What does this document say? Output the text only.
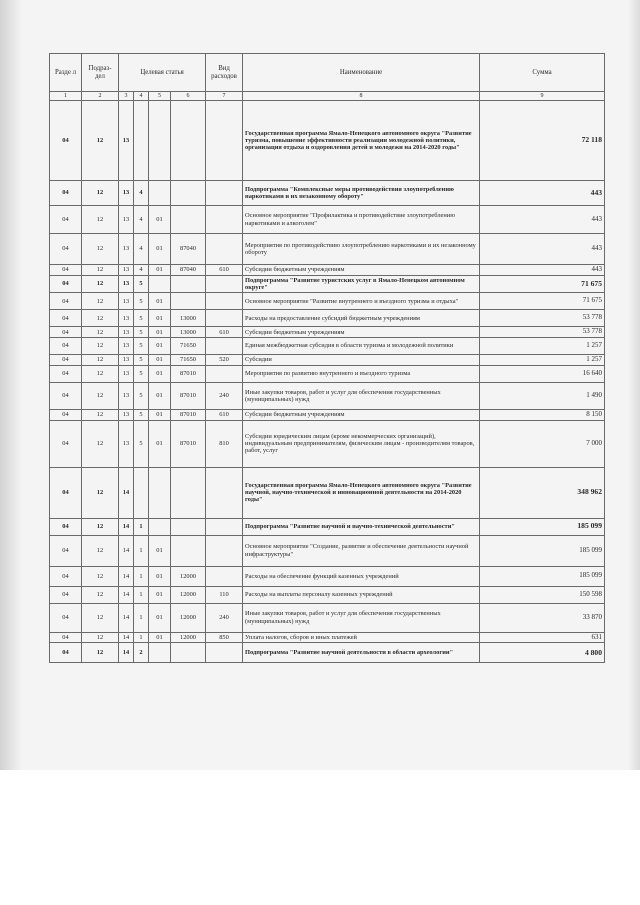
Разде л	Подраз- дел	Целевая статья				Вид расходов	Наименование	Сумма
1	2	3	4	5	6	7	8	9
04	12	13					Государственная программа Ямало-Ненецкого автономного округа "Развитие туризма, повышение эффективности реализации молодежной политики, организация отдыха и оздоровления детей и молодежи на 2014-2020 годы"	72 118
04	12	13	4				Подпрограмма "Комплексные меры противодействия злоупотреблению наркотиками и их незаконному обороту"	443
04	12	13	4	01			Основное мероприятие "Профилактика и противодействие злоупотреблению наркотиками и алкоголем"	443
04	12	13	4	01	87040		Мероприятия по противодействию злоупотреблению наркотиками и их незаконному обороту	443
04	12	13	4	01	87040	610	Субсидии бюджетным учреждениям	443
04	12	13	5				Подпрограмма "Развитие туристских услуг в Ямало-Ненецком автономном округе"	71 675
04	12	13	5	01			Основное мероприятие "Развитие внутреннего и въездного туризма и отдыха"	71 675
04	12	13	5	01	13000		Расходы на предоставление субсидий бюджетным учреждениям	53 778
04	12	13	5	01	13000	610	Субсидии бюджетным учреждениям	53 778
04	12	13	5	01	71650		Единая межбюджетная субсидия в области туризма и молодежной политики	1 257
04	12	13	5	01	71650	520	Субсидии	1 257
04	12	13	5	01	87010		Мероприятия по развитию внутреннего и въездного туризма	16 640
04	12	13	5	01	87010	240	Иные закупки товаров, работ и услуг для обеспечения государственных (муниципальных) нужд	1 490
04	12	13	5	01	87010	610	Субсидии бюджетным учреждениям	8 150
04	12	13	5	01	87010	810	Субсидии юридическим лицам (кроме некоммерческих организаций), индивидуальным предпринимателям, физическим лицам - производителям товаров, работ, услуг	7 000
04	12	14					Государственная программа Ямало-Ненецкого автономного округа "Развитие научной, научно-технической и инновационной деятельности на 2014-2020 годы"	348 962
04	12	14	1				Подпрограмма "Развитие научной и научно-технической деятельности"	185 099
04	12	14	1	01			Основное мероприятие "Создание, развитие и обеспечение деятельности научной инфраструктуры"	185 099
04	12	14	1	01	12000		Расходы на обеспечение функций казенных учреждений	185 099
04	12	14	1	01	12000	110	Расходы на выплаты персоналу казенных учреждений	150 598
04	12	14	1	01	12000	240	Иные закупки товаров, работ и услуг для обеспечения государственных (муниципальных) нужд	33 870
04	12	14	1	01	12000	850	Уплата налогов, сборов и иных платежей	631
04	12	14	2				Подпрограмма "Развитие научной деятельности в области археологии"	4 800
